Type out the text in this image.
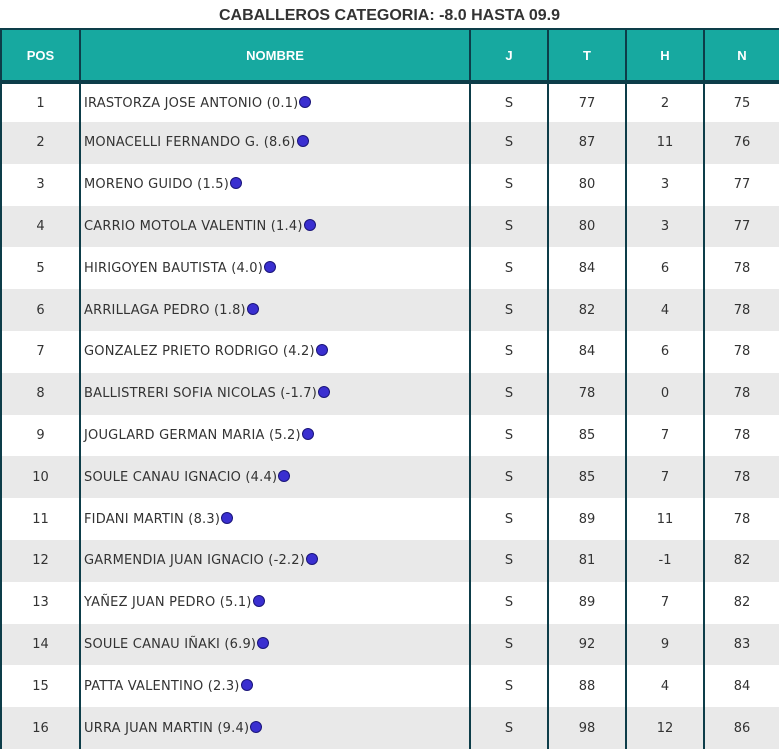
CABALLEROS CATEGORIA: -8.0 HASTA 09.9
POS	NOMBRE	J	T	H	N
1	IRASTORZA JOSE ANTONIO (0.1)	S	77	2	75
2	MONACELLI FERNANDO G. (8.6)	S	87	11	76
3	MORENO GUIDO (1.5)	S	80	3	77
4	CARRIO MOTOLA VALENTIN (1.4)	S	80	3	77
5	HIRIGOYEN BAUTISTA (4.0)	S	84	6	78
6	ARRILLAGA PEDRO (1.8)	S	82	4	78
7	GONZALEZ PRIETO RODRIGO (4.2)	S	84	6	78
8	BALLISTRERI SOFIA NICOLAS (-1.7)	S	78	0	78
9	JOUGLARD GERMAN MARIA (5.2)	S	85	7	78
10	SOULE CANAU IGNACIO (4.4)	S	85	7	78
11	FIDANI MARTIN (8.3)	S	89	11	78
12	GARMENDIA JUAN IGNACIO (-2.2)	S	81	-1	82
13	YAÑEZ JUAN PEDRO (5.1)	S	89	7	82
14	SOULE CANAU IÑAKI (6.9)	S	92	9	83
15	PATTA VALENTINO (2.3)	S	88	4	84
16	URRA JUAN MARTIN (9.4)	S	98	12	86
